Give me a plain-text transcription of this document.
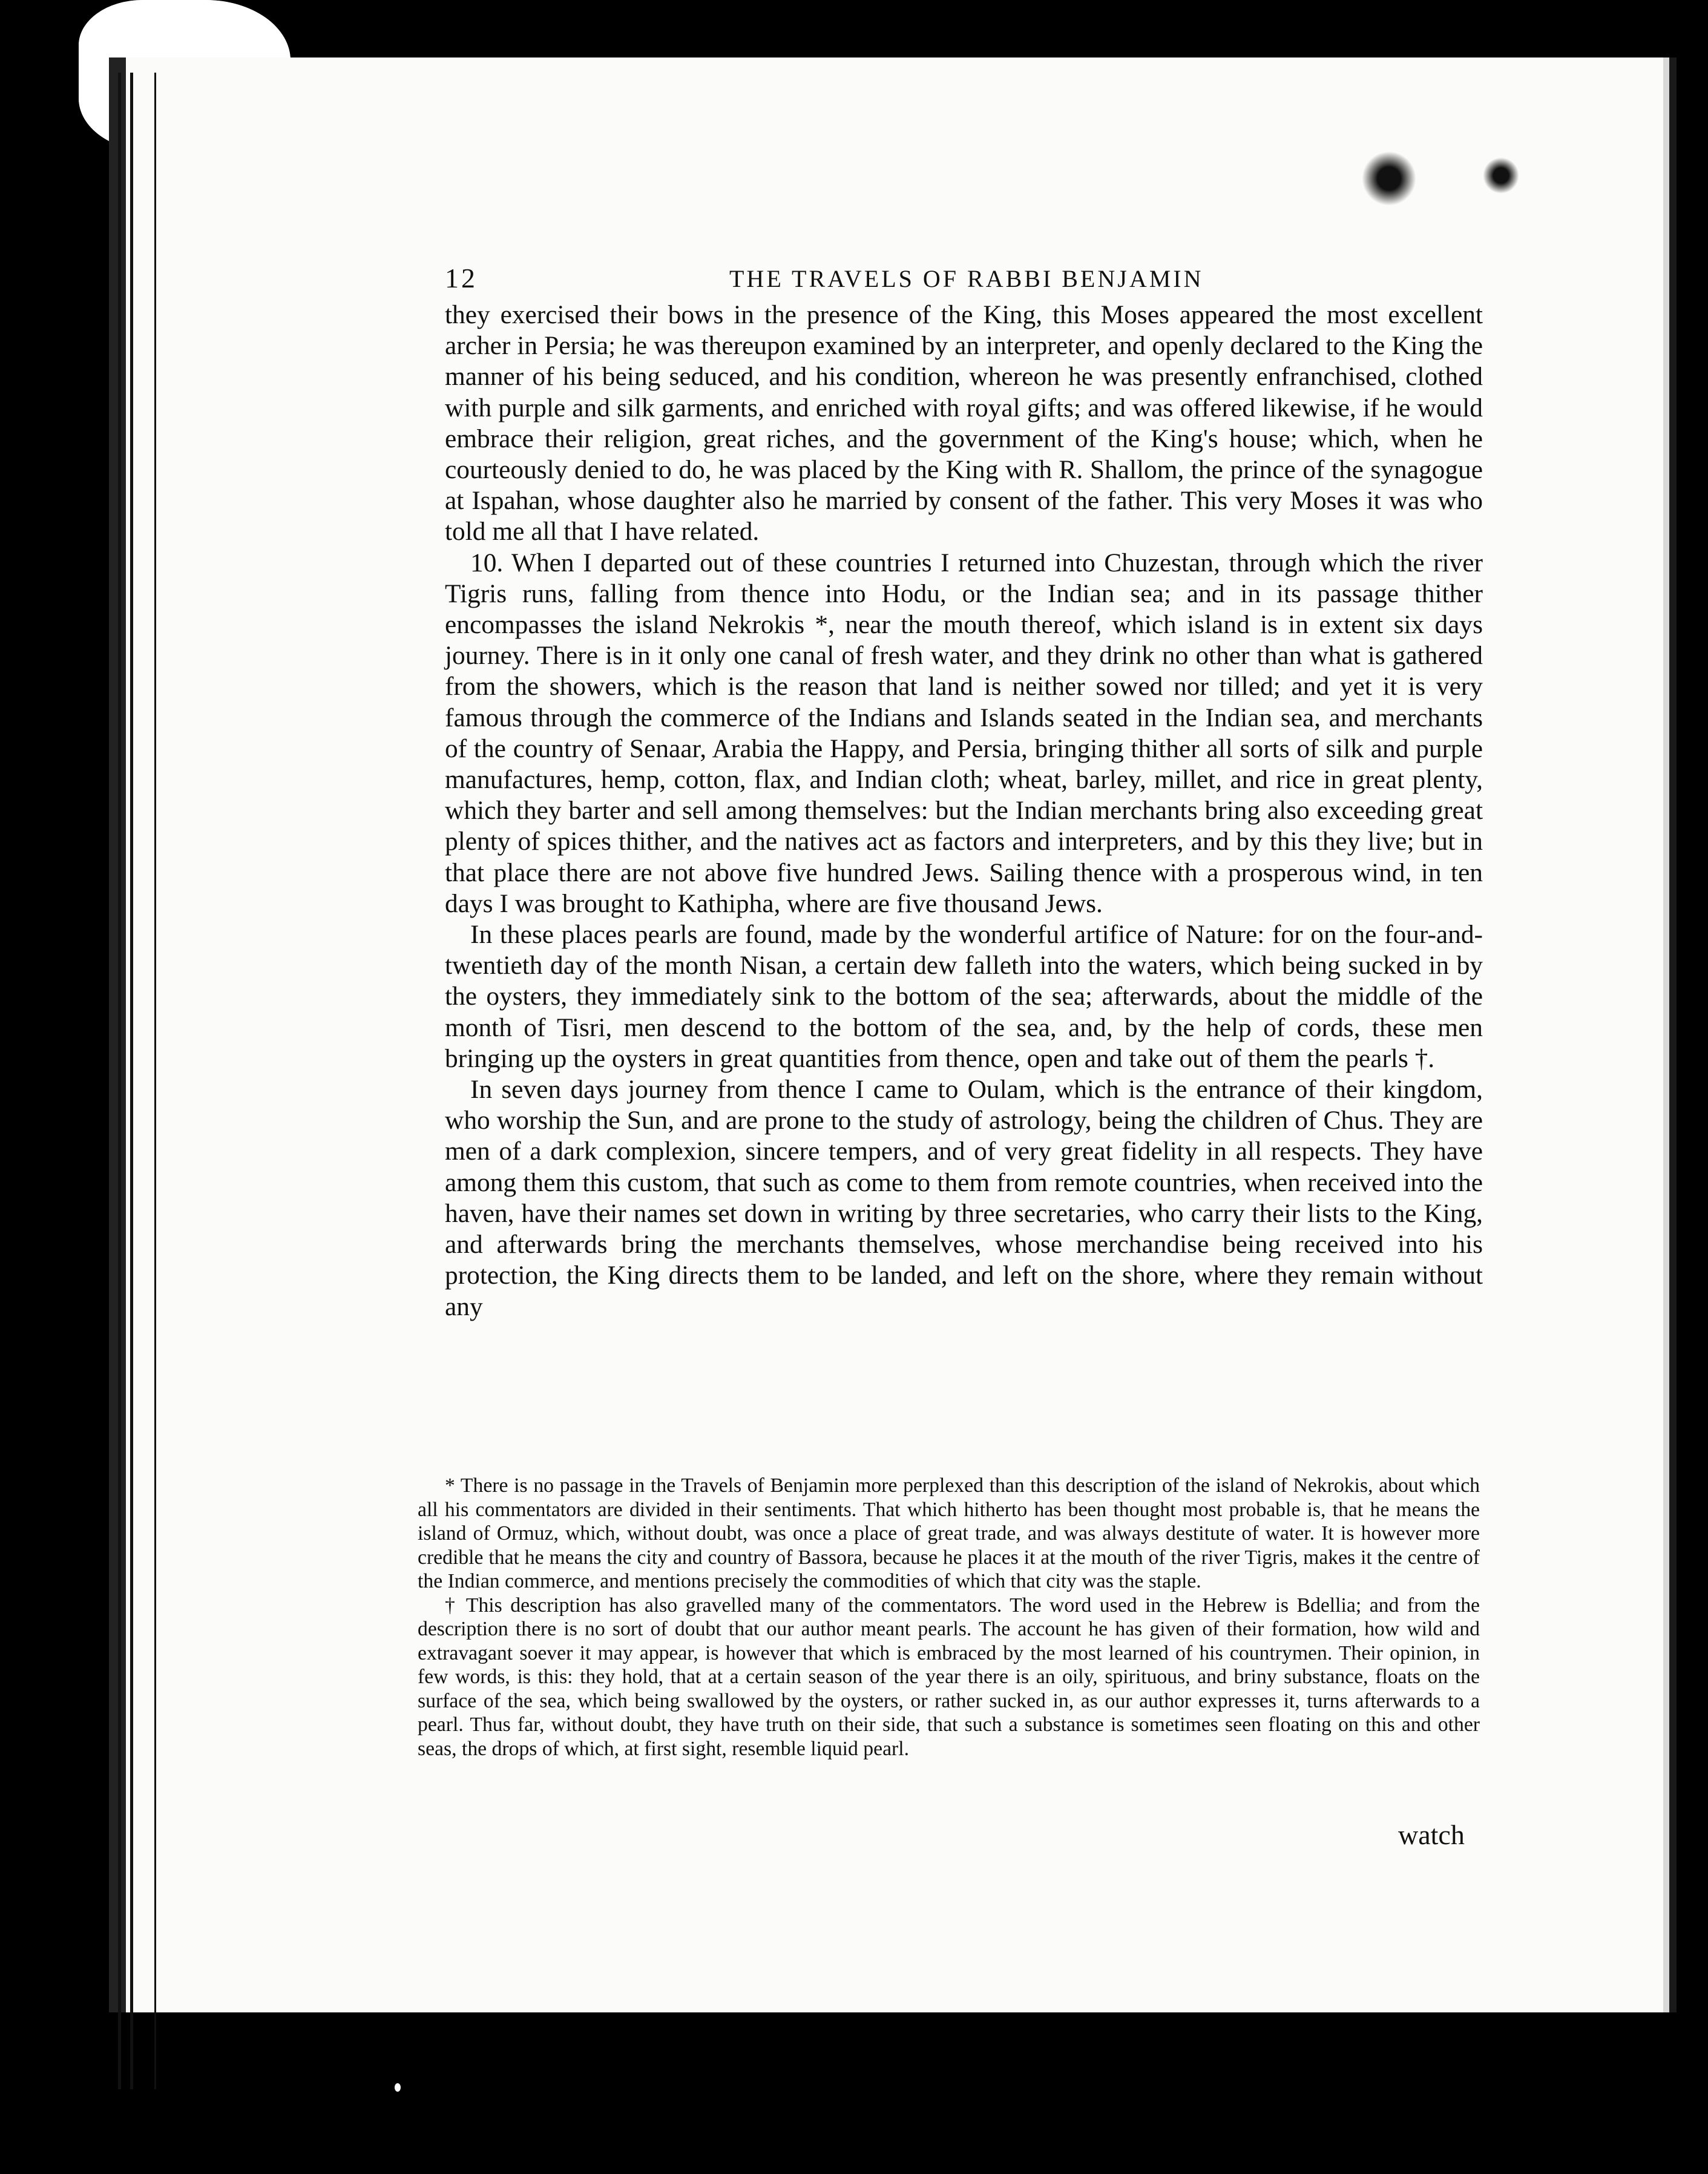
12	THE TRAVELS OF RABBI BENJAMIN

they exercised their bows in the presence of the King, this Moses appeared the most excellent archer in Persia; he was thereupon examined by an interpreter, and openly declared to the King the manner of his being seduced, and his condition, whereon he was presently enfranchised, clothed with purple and silk garments, and enriched with royal gifts; and was offered likewise, if he would embrace their religion, great riches, and the government of the King's house; which, when he courteously denied to do, he was placed by the King with R. Shallom, the prince of the synagogue at Ispahan, whose daughter also he married by consent of the father. This very Moses it was who told me all that I have related.

10. When I departed out of these countries I returned into Chuzestan, through which the river Tigris runs, falling from thence into Hodu, or the Indian sea; and in its passage thither encompasses the island Nekrokis *, near the mouth thereof, which island is in extent six days journey. There is in it only one canal of fresh water, and they drink no other than what is gathered from the showers, which is the reason that land is neither sowed nor tilled; and yet it is very famous through the commerce of the Indians and Islands seated in the Indian sea, and merchants of the country of Senaar, Arabia the Happy, and Persia, bringing thither all sorts of silk and purple manufactures, hemp, cotton, flax, and Indian cloth; wheat, barley, millet, and rice in great plenty, which they barter and sell among themselves: but the Indian merchants bring also exceeding great plenty of spices thither, and the natives act as factors and interpreters, and by this they live; but in that place there are not above five hundred Jews. Sailing thence with a prosperous wind, in ten days I was brought to Kathipha, where are five thousand Jews.

In these places pearls are found, made by the wonderful artifice of Nature: for on the four-and-twentieth day of the month Nisan, a certain dew falleth into the waters, which being sucked in by the oysters, they immediately sink to the bottom of the sea; afterwards, about the middle of the month of Tisri, men descend to the bottom of the sea, and, by the help of cords, these men bringing up the oysters in great quantities from thence, open and take out of them the pearls †.

In seven days journey from thence I came to Oulam, which is the entrance of their kingdom, who worship the Sun, and are prone to the study of astrology, being the children of Chus. They are men of a dark complexion, sincere tempers, and of very great fidelity in all respects. They have among them this custom, that such as come to them from remote countries, when received into the haven, have their names set down in writing by three secretaries, who carry their lists to the King, and afterwards bring the merchants themselves, whose merchandise being received into his protection, the King directs them to be landed, and left on the shore, where they remain without any

* There is no passage in the Travels of Benjamin more perplexed than this description of the island of Nekrokis, about which all his commentators are divided in their sentiments. That which hitherto has been thought most probable is, that he means the island of Ormuz, which, without doubt, was once a place of great trade, and was always destitute of water. It is however more credible that he means the city and country of Bassora, because he places it at the mouth of the river Tigris, makes it the centre of the Indian commerce, and mentions precisely the commodities of which that city was the staple.

† This description has also gravelled many of the commentators. The word used in the Hebrew is Bdellia; and from the description there is no sort of doubt that our author meant pearls. The account he has given of their formation, how wild and extravagant soever it may appear, is however that which is embraced by the most learned of his countrymen. Their opinion, in few words, is this: they hold, that at a certain season of the year there is an oily, spirituous, and briny substance, floats on the surface of the sea, which being swallowed by the oysters, or rather sucked in, as our author expresses it, turns afterwards to a pearl. Thus far, without doubt, they have truth on their side, that such a substance is sometimes seen floating on this and other seas, the drops of which, at first sight, resemble liquid pearl.

watch
